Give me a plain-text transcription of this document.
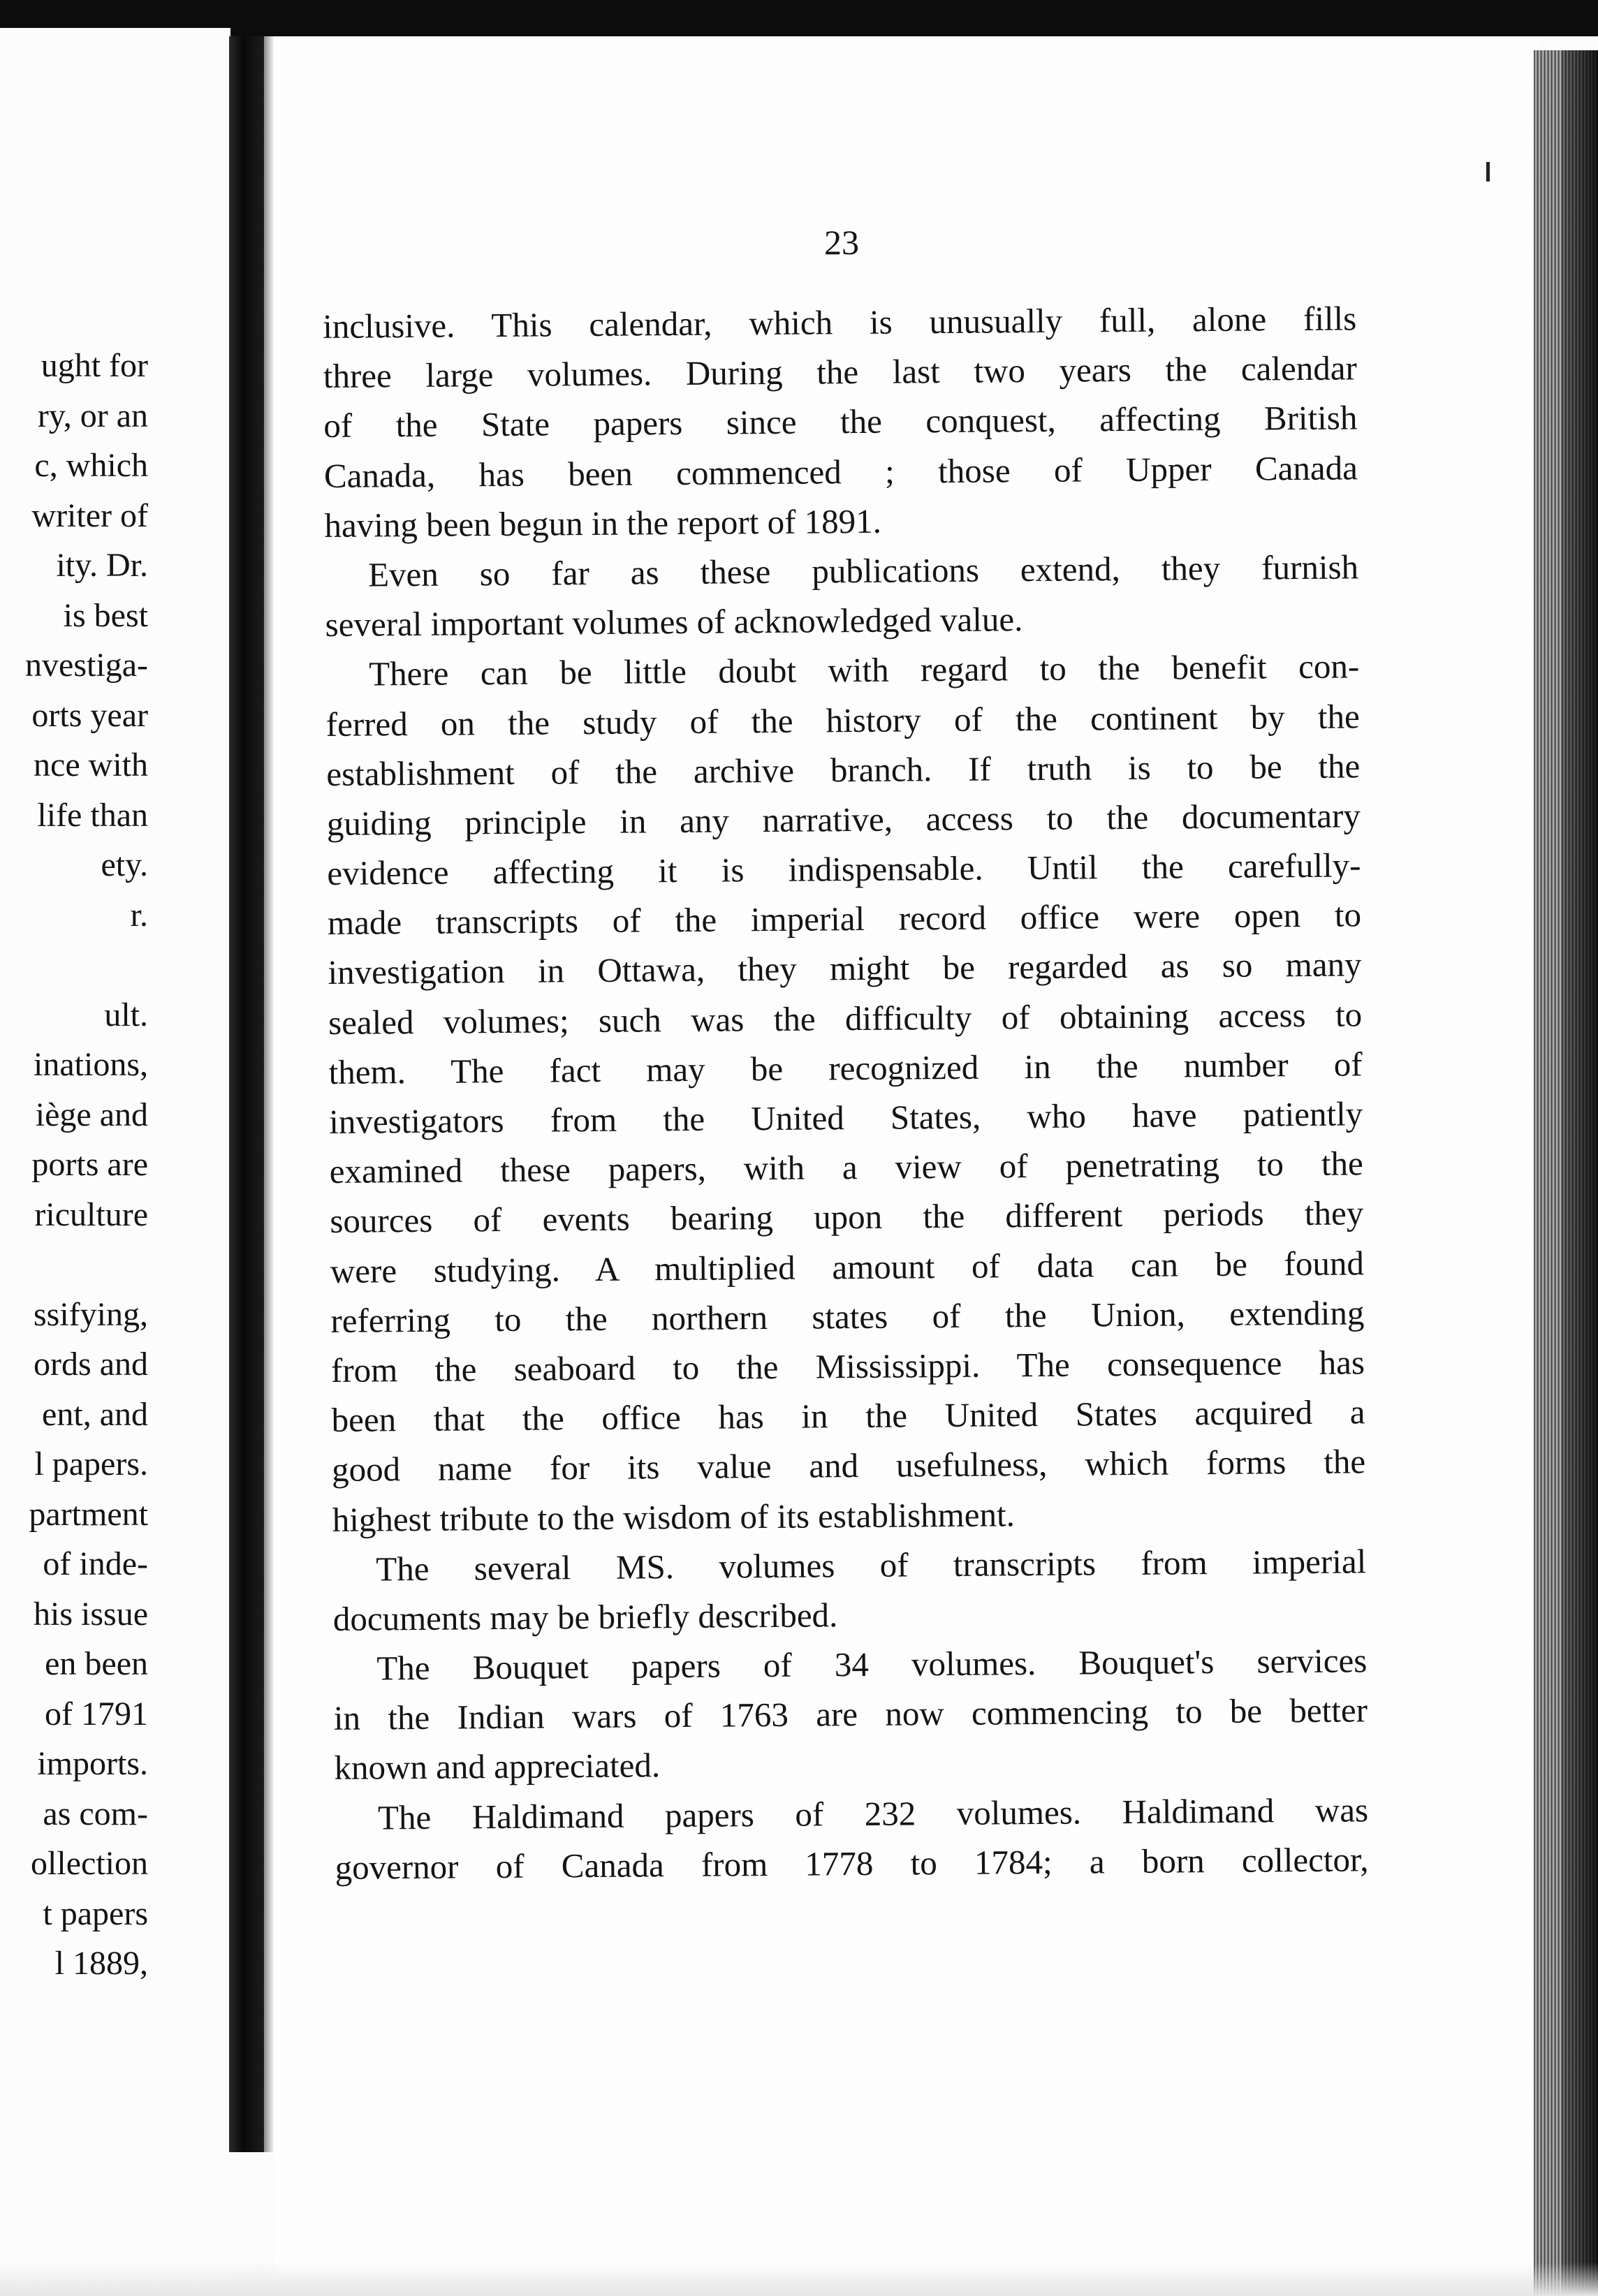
ught for
ry, or an
c, which
writer of
ity. Dr.
is best
nvestiga-
orts year
nce with
life than
ety.
r.
ult.
inations,
iège and
ports are
riculture
ssifying,
ords and
ent, and
l papers.
partment
of inde-
his issue
en been
of 1791
imports.
as com-
ollection
t papers
l 1889,
23
inclusive. This calendar, which is unusually full, alone fills
three large volumes. During the last two years the calendar
of the State papers since the conquest, affecting British
Canada, has been commenced ; those of Upper Canada
having been begun in the report of 1891.
Even so far as these publications extend, they furnish
several important volumes of acknowledged value.
There can be little doubt with regard to the benefit con-
ferred on the study of the history of the continent by the
establishment of the archive branch. If truth is to be the
guiding principle in any narrative, access to the documentary
evidence affecting it is indispensable. Until the carefully-
made transcripts of the imperial record office were open to
investigation in Ottawa, they might be regarded as so many
sealed volumes; such was the difficulty of obtaining access to
them. The fact may be recognized in the number of
investigators from the United States, who have patiently
examined these papers, with a view of penetrating to the
sources of events bearing upon the different periods they
were studying. A multiplied amount of data can be found
referring to the northern states of the Union, extending
from the seaboard to the Mississippi. The consequence has
been that the office has in the United States acquired a
good name for its value and usefulness, which forms the
highest tribute to the wisdom of its establishment.
The several MS. volumes of transcripts from imperial
documents may be briefly described.
The Bouquet papers of 34 volumes. Bouquet's services
in the Indian wars of 1763 are now commencing to be better
known and appreciated.
The Haldimand papers of 232 volumes. Haldimand was
governor of Canada from 1778 to 1784; a born collector,
